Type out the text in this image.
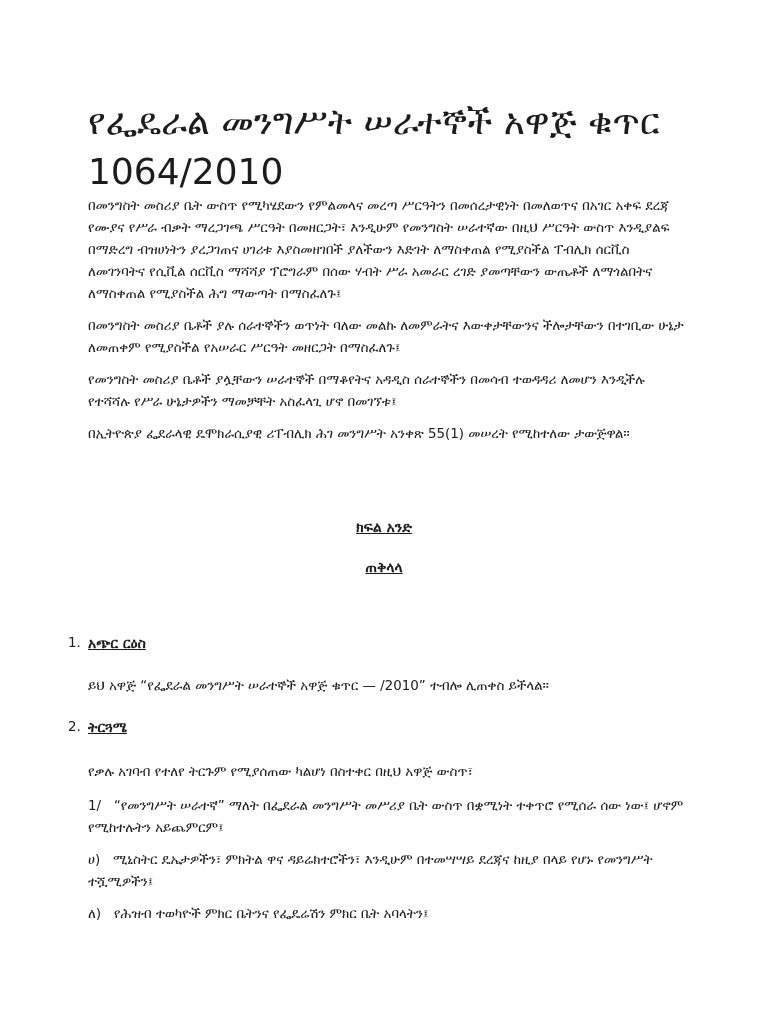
የፌዴራል መንግሥት ሠራተኞች አዋጅ ቁጥር 1064/2010

በመንግስት መስሪያ ቤት ውስጥ የሚካሄደውን የምልመላና መረጣ ሥርዓትን በመሰረታዊነት በመለወጥና በአገር አቀፍ ደረጃ የሙያና የሥራ ብቃት ማረጋገጫ ሥርዓት በመዘርጋት፣ እንዲሁም የመንግስት ሠራተኛው በዚህ ሥርዓት ውስጥ እንዲያልፍ በማድረግ ብዝሀነትን ያረጋገጠና ሀገሪቱ እያስመዘገበች ያለችውን እድገት ለማስቀጠል የሚያስችል ፐብሊክ ሰርቪስ ለመገንባትና የሲቪል ሰርቪስ ማሻሻያ ፕሮግራም በሰው ሃብት ሥራ አመራር ረገድ ያመጣቸውን ውጤቶች ለማጎልበትና ለማስቀጠል የሚያስችል ሕግ ማውጣት በማስፈለጉ፤

በመንግስት መስሪያ ቤቶች ያሉ ሰራተኞችን ወጥነት ባለው መልኩ ለመምራትና እውቀታቸውንና ችሎታቸውን በተገቢው ሁኔታ ለመጠቀም የሚያስችል የአሠራር ሥርዓት መዘርጋት በማስፈለጉ፤

የመንግስት መስሪያ ቤቶች ያሏቸውን ሠራተኞች በማቆየትና አዳዲስ ሰራተኞችን በመሳብ ተወዳዳሪ ለመሆን እንዲችሉ የተሻሻሉ የሥራ ሁኔታዎችን ማመቻቸት አስፈላጊ ሆኖ በመገኘቱ፤

በኢትዮጵያ ፌደራላዊ ዴሞክራሲያዊ ሪፐብሊክ ሕገ መንግሥት አንቀጽ 55(1) መሠረት የሚከተለው ታውጅዋል።

ክፍል አንድ
ጠቅላላ
1. አጭር ርዕስ

ይህ አዋጅ “የፌደራል መንግሥት ሠራተኞች አዋጅ ቁጥር — /2010” ተብሎ ሊጠቀስ ይችላል።

2. ትርጓሜ

የቃሉ አገባብ የተለየ ትርጉም የሚያሰጠው ካልሆነ በስተቀር በዚህ አዋጅ ውስጥ፣

1/ “የመንግሥት ሠራተኛ” ማለት በፌደራል መንግሥት መሥሪያ ቤት ውስጥ በቋሚነት ተቀጥሮ የሚሰራ ሰው ነው፤ ሆኖም የሚከተሉትን አይጨምርም፤

ሀ) ሚኒስትር ዴኤታዎችን፣ ምክትል ዋና ዳይሬክተሮችን፣ እንዲሁም በተመሣሣይ ደረጃና ከዚያ በላይ የሆኑ የመንግሥት ተሿሚዎችን፤

ለ) የሕዝብ ተወካዮች ምክር ቤትንና የፌዴሬሽን ምክር ቤት አባላትን፤
